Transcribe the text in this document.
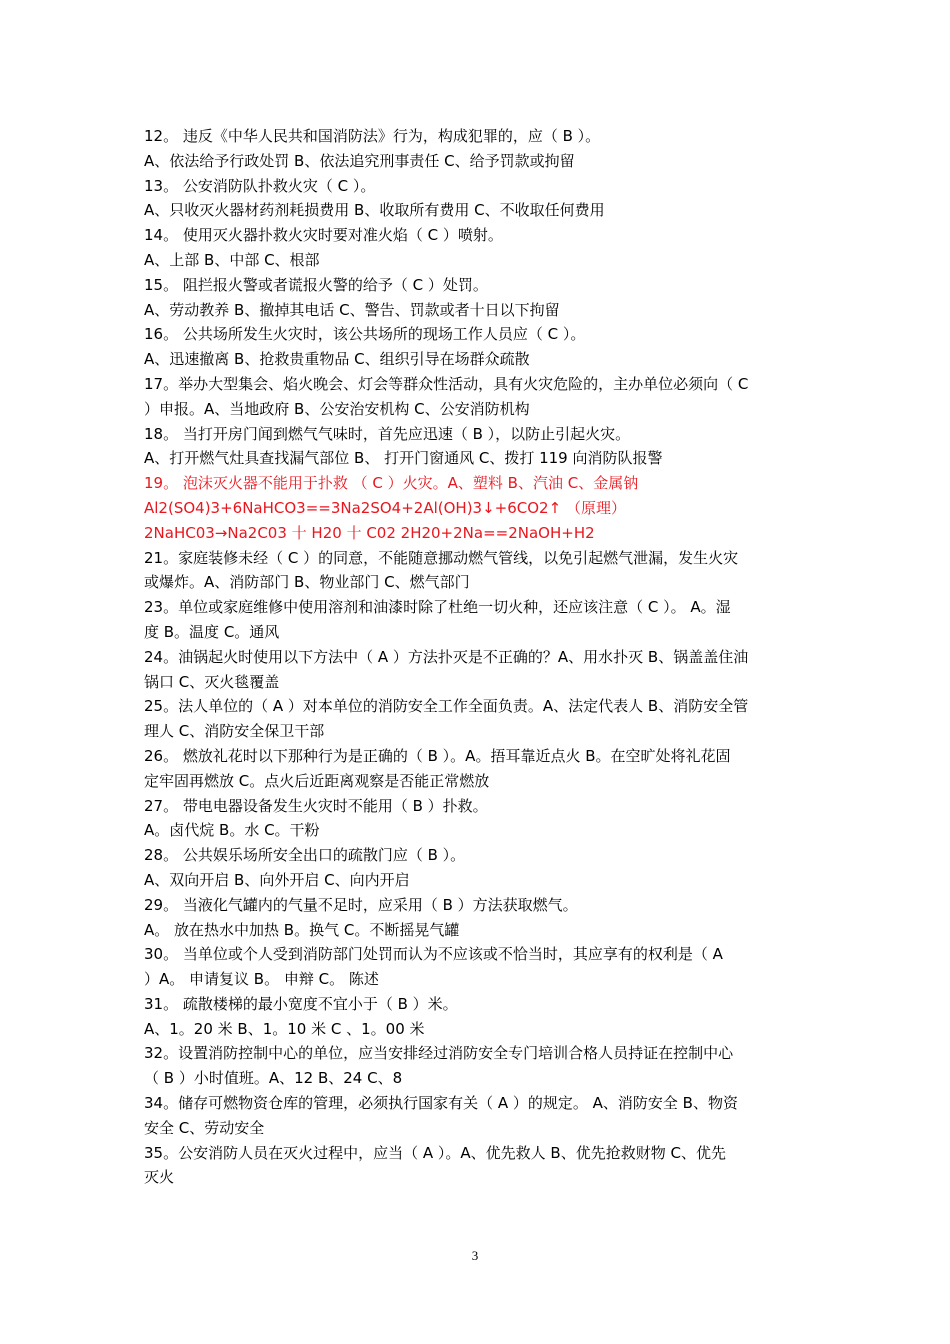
12。 违反《中华人民共和国消防法》行为，构成犯罪的，应（ B ）。
A、依法给予行政处罚 B、依法追究刑事责任 C、给予罚款或拘留
13。 公安消防队扑救火灾（ C ）。
A、只收灭火器材药剂耗损费用 B、收取所有费用 C、不收取任何费用
14。 使用灭火器扑救火灾时要对准火焰（ C ）喷射。
A、上部 B、中部 C、根部
15。 阻拦报火警或者谎报火警的给予（ C ）处罚。
A、劳动教养 B、撤掉其电话 C、警告、罚款或者十日以下拘留
16。 公共场所发生火灾时，该公共场所的现场工作人员应（ C ）。
A、迅速撤离 B、抢救贵重物品 C、组织引导在场群众疏散
17。举办大型集会、焰火晚会、灯会等群众性活动，具有火灾危险的，主办单位必须向（ C
）申报。A、当地政府 B、公安治安机构 C、公安消防机构
18。 当打开房门闻到燃气气味时，首先应迅速（ B ），以防止引起火灾。
A、打开燃气灶具查找漏气部位 B、 打开门窗通风 C、拨打 119 向消防队报警
19。 泡沫灭火器不能用于扑救 （ C ）火灾。A、塑料 B、汽油 C、金属钠
Al2(SO4)3+6NaHCO3==3Na2SO4+2Al(OH)3↓+6CO2↑ （原理）
2NaHC03→Na2C03 十 H20 十 C02 2H20+2Na==2NaOH+H2
21。家庭装修未经（ C ）的同意，不能随意挪动燃气管线，以免引起燃气泄漏，发生火灾
或爆炸。A、消防部门 B、物业部门 C、燃气部门
23。单位或家庭维修中使用溶剂和油漆时除了杜绝一切火种，还应该注意（ C ）。 A。湿
度 B。温度 C。通风
24。油锅起火时使用以下方法中（ A ）方法扑灭是不正确的？A、用水扑灭 B、锅盖盖住油
锅口 C、灭火毯覆盖
25。法人单位的（ A ）对本单位的消防安全工作全面负责。A、法定代表人 B、消防安全管
理人 C、消防安全保卫干部
26。 燃放礼花时以下那种行为是正确的（ B ）。A。捂耳靠近点火 B。在空旷处将礼花固
定牢固再燃放 C。点火后近距离观察是否能正常燃放
27。 带电电器设备发生火灾时不能用（ B ）扑救。
A。卤代烷 B。水 C。干粉
28。 公共娱乐场所安全出口的疏散门应（ B ）。
A、双向开启 B、向外开启 C、向内开启
29。 当液化气罐内的气量不足时，应采用（ B ）方法获取燃气。
A。 放在热水中加热 B。换气 C。不断摇晃气罐
30。 当单位或个人受到消防部门处罚而认为不应该或不恰当时，其应享有的权利是（ A
）A。 申请复议 B。 申辩 C。 陈述
31。 疏散楼梯的最小宽度不宜小于（ B ）米。
A、1。20 米 B、1。10 米 C 、1。00 米
32。设置消防控制中心的单位，应当安排经过消防安全专门培训合格人员持证在控制中心
（ B ）小时值班。A、12 B、24 C、8
34。储存可燃物资仓库的管理，必须执行国家有关（ A ）的规定。 A、消防安全 B、物资
安全 C、劳动安全
35。公安消防人员在灭火过程中，应当（ A ）。A、优先救人 B、优先抢救财物 C、优先
灭火
3
